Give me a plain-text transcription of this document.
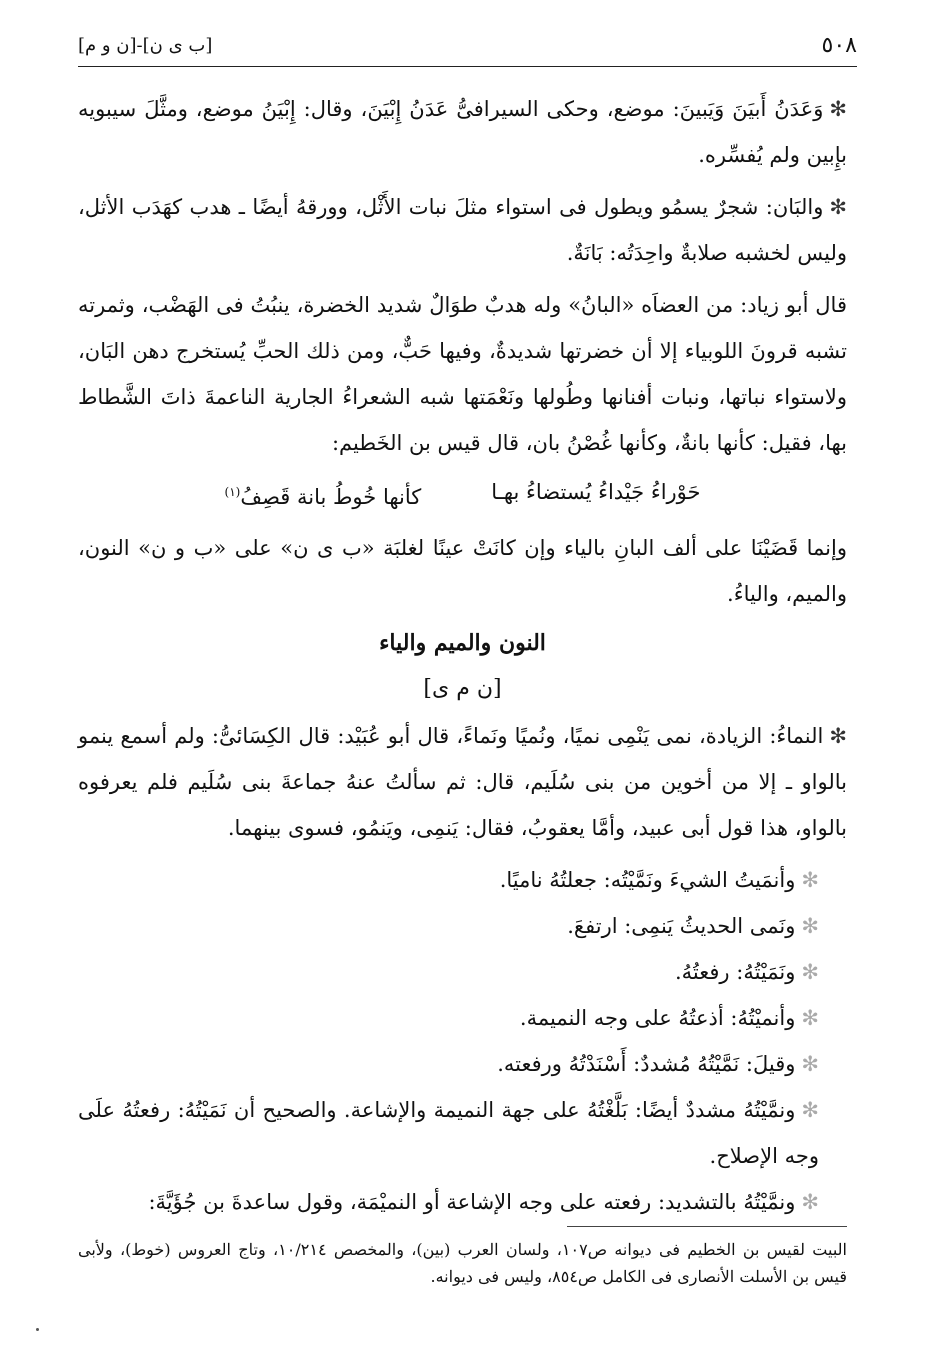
٥٠٨
[ب ى ن]-[ن و م]

✻وَعَدَنُ أَبيَنَ وَيَبينَ: موضع، وحكى السيرافىُّ عَدَنُ إِبْيَنَ، وقال: إِبْيَنُ موضع، ومثَّلَ سيبويه بإِبين ولم يُفسِّره.

✻والبَان: شجرٌ يسمُو ويطول فى استواء مثلَ نبات الأَثْل، وورقهُ أيضًا ـ هدب كهَدَب الأثل، وليس لخشبه صلابةٌ واحِدَتُه: بَانَةٌ.

قال أبو زياد: من العضاَه «البانُ» وله هدبٌ طوَالٌ شديد الخضرة، ينبُتُ فى الهَضْب، وثمرته تشبه قرونَ اللوبياء إلا أن خضرتها شديدةٌ، وفيها حَبٌّ، ومن ذلك الحبِّ يُستخرج دهن البَان، ولاستواء نباتها، ونبات أفنانها وطُولها ونَعْمَتها شبه الشعراءُ الجارية الناعمةَ ذاتَ الشَّطاط بها، فقيل: كأنها بانةٌ، وكأنها غُصْنُ بان، قال قيس بن الخَطيم:

حَوْراءُ جَيْداءُ يُستضاءُ بهـا
كأنها خُوطُ بانة قَصِفُ$^{(١)}$

وإنما قَضَيْنَا على ألف البانِ بالياء وإن كانَتْ عينًا لغلبَة «ب ى ن» على «ب و ن» النون، والميم، والياءُ.

النون والميم والياء
[ن م ى]

✻النماءُ: الزيادة، نمى يَنْمِى نميًا، ونُميًا ونَماءً، قال أبو عُبَيْد: قال الكِسَائىُّ: ولم أسمع ينمو بالواو ـ إلا من أخوين من بنى سُلَيم، قال: ثم سألتُ عنهُ جماعةَ بنى سُلَيم فلم يعرفوه بالواو، هذا قول أبى عبيد، وأمَّا يعقوبُ، فقال: يَنمِى، ويَنمُو، فسوى بينهما.

✻وأنمَيتُ الشيءَ ونَمَّيْتُه: جعلتُهُ ناميًا.

✻ونَمى الحديثُ يَنمِى: ارتفعَ.

✻ونَمَيْتُهُ: رفعتُهُ.

✻وأنميْتُهُ: أذعتُهُ على وجه النميمة.

✻وقيلَ: نَمَّيْتُهُ مُشددٌ: أَسْنَدْتُهُ ورفعته.

✻ونمَّيْتُهُ مشددٌ أيضًا: بَلَّغْتُهُ على جهة النميمة والإشاعة. والصحيح أن نَمَيْتُهُ: رفعتُهُ علَى وجه الإصلاح.

✻ونمَّيْتُهُ بالتشديد: رفعته على وجه الإشاعة أو النميْمَة، وقول ساعدةَ بن جُؤَيَّةَ:

البيت لقيس بن الخطيم فى ديوانه ص١٠٧، ولسان العرب (بين)، والمخصص ١٠/٢١٤، وتاج العروس (خوط)، ولأبى قيس بن الأسلت الأنصارى فى الكامل ص٨٥٤، وليس فى ديوانه.
